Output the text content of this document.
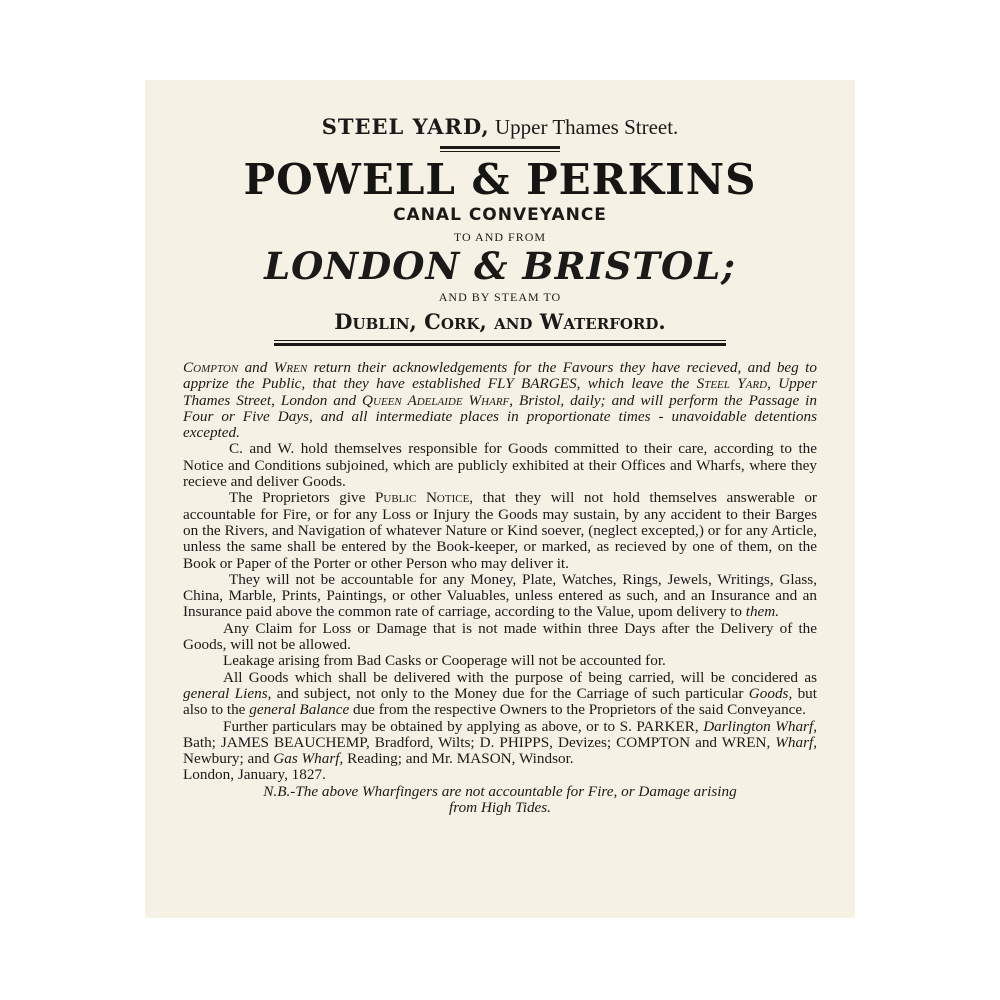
STEEL YARD, Upper Thames Street.

POWELL & PERKINS

CANAL CONVEYANCE

TO AND FROM

LONDON & BRISTOL;

AND BY STEAM TO

Dublin, Cork, and Waterford.

Compton and Wren return their acknowledgements for the Favours they have recieved, and beg to apprize the Public, that they have established FLY BARGES, which leave the Steel Yard, Upper Thames Street, London and Queen Adelaide Wharf, Bristol, daily; and will perform the Passage in Four or Five Days, and all intermediate places in proportionate times - unavoidable detentions excepted.

C. and W. hold themselves responsible for Goods committed to their care, according to the Notice and Conditions subjoined, which are publicly exhibited at their Offices and Wharfs, where they recieve and deliver Goods.

The Proprietors give Public Notice, that they will not hold themselves answerable or accountable for Fire, or for any Loss or Injury the Goods may sustain, by any accident to their Barges on the Rivers, and Navigation of whatever Nature or Kind soever, (neglect excepted,) or for any Article, unless the same shall be entered by the Book-keeper, or marked, as recieved by one of them, on the Book or Paper of the Porter or other Person who may deliver it.

They will not be accountable for any Money, Plate, Watches, Rings, Jewels, Writings, Glass, China, Marble, Prints, Paintings, or other Valuables, unless entered as such, and an Insurance and an Insurance paid above the common rate of carriage, according to the Value, upom delivery to them.

Any Claim for Loss or Damage that is not made within three Days after the Delivery of the Goods, will not be allowed.

Leakage arising from Bad Casks or Cooperage will not be accounted for.

All Goods which shall be delivered with the purpose of being carried, will be concidered as general Liens, and subject, not only to the Money due for the Carriage of such particular Goods, but also to the general Balance due from the respective Owners to the Proprietors of the said Conveyance.

Further particulars may be obtained by applying as above, or to S. PARKER, Darlington Wharf, Bath; JAMES BEAUCHEMP, Bradford, Wilts; D. PHIPPS, Devizes; COMPTON and WREN, Wharf, Newbury; and Gas Wharf, Reading; and Mr. MASON, Windsor.

London, January, 1827.

N.B.-The above Wharfingers are not accountable for Fire, or Damage arising
from High Tides.
